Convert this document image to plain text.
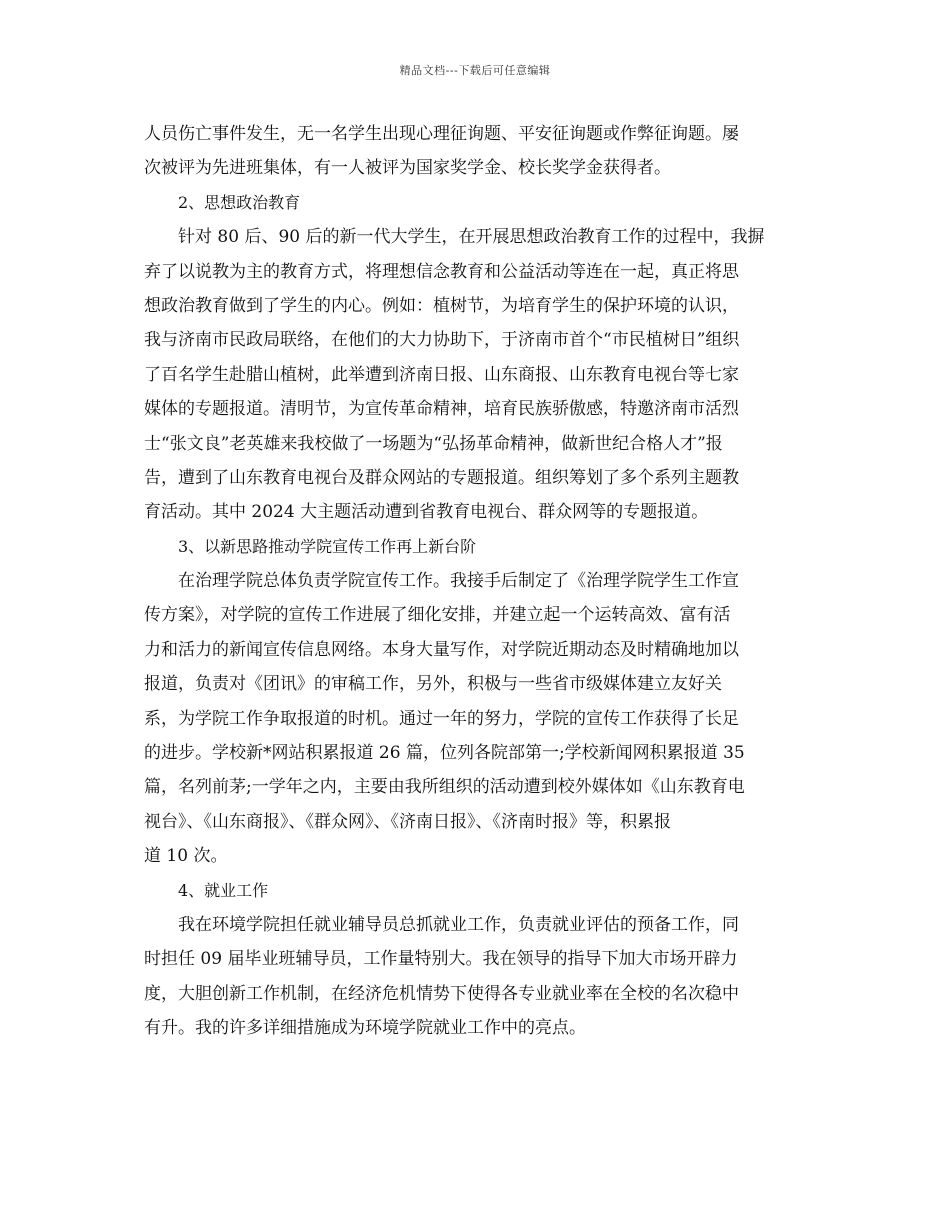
精品文档---下载后可任意编辑
人员伤亡事件发生，无一名学生出现心理征询题、平安征询题或作弊征询题。屡
次被评为先进班集体，有一人被评为国家奖学金、校长奖学金获得者。
2、思想政治教育
针对 80 后、90 后的新一代大学生，在开展思想政治教育工作的过程中，我摒
弃了以说教为主的教育方式，将理想信念教育和公益活动等连在一起，真正将思
想政治教育做到了学生的内心。例如：植树节，为培育学生的保护环境的认识，
我与济南市民政局联络，在他们的大力协助下，于济南市首个“市民植树日”组织
了百名学生赴腊山植树，此举遭到济南日报、山东商报、山东教育电视台等七家
媒体的专题报道。清明节，为宣传革命精神，培育民族骄傲感，特邀济南市活烈
士“张文良”老英雄来我校做了一场题为“弘扬革命精神，做新世纪合格人才”报
告，遭到了山东教育电视台及群众网站的专题报道。组织筹划了多个系列主题教
育活动。其中 2024 大主题活动遭到省教育电视台、群众网等的专题报道。
3、以新思路推动学院宣传工作再上新台阶
在治理学院总体负责学院宣传工作。我接手后制定了《治理学院学生工作宣
传方案》，对学院的宣传工作进展了细化安排，并建立起一个运转高效、富有活
力和活力的新闻宣传信息网络。本身大量写作，对学院近期动态及时精确地加以
报道，负责对《团讯》的审稿工作，另外，积极与一些省市级媒体建立友好关
系，为学院工作争取报道的时机。通过一年的努力，学院的宣传工作获得了长足
的进步。学校新*网站积累报道 26 篇，位列各院部第一;学校新闻网积累报道 35
篇，名列前茅;一学年之内，主要由我所组织的活动遭到校外媒体如《山东教育电
视台》、《山东商报》、《群众网》、《济南日报》、《济南时报》等，积累报
道 10 次。
4、就业工作
我在环境学院担任就业辅导员总抓就业工作，负责就业评估的预备工作，同
时担任 09 届毕业班辅导员，工作量特别大。我在领导的指导下加大市场开辟力
度，大胆创新工作机制，在经济危机情势下使得各专业就业率在全校的名次稳中
有升。我的许多详细措施成为环境学院就业工作中的亮点。
